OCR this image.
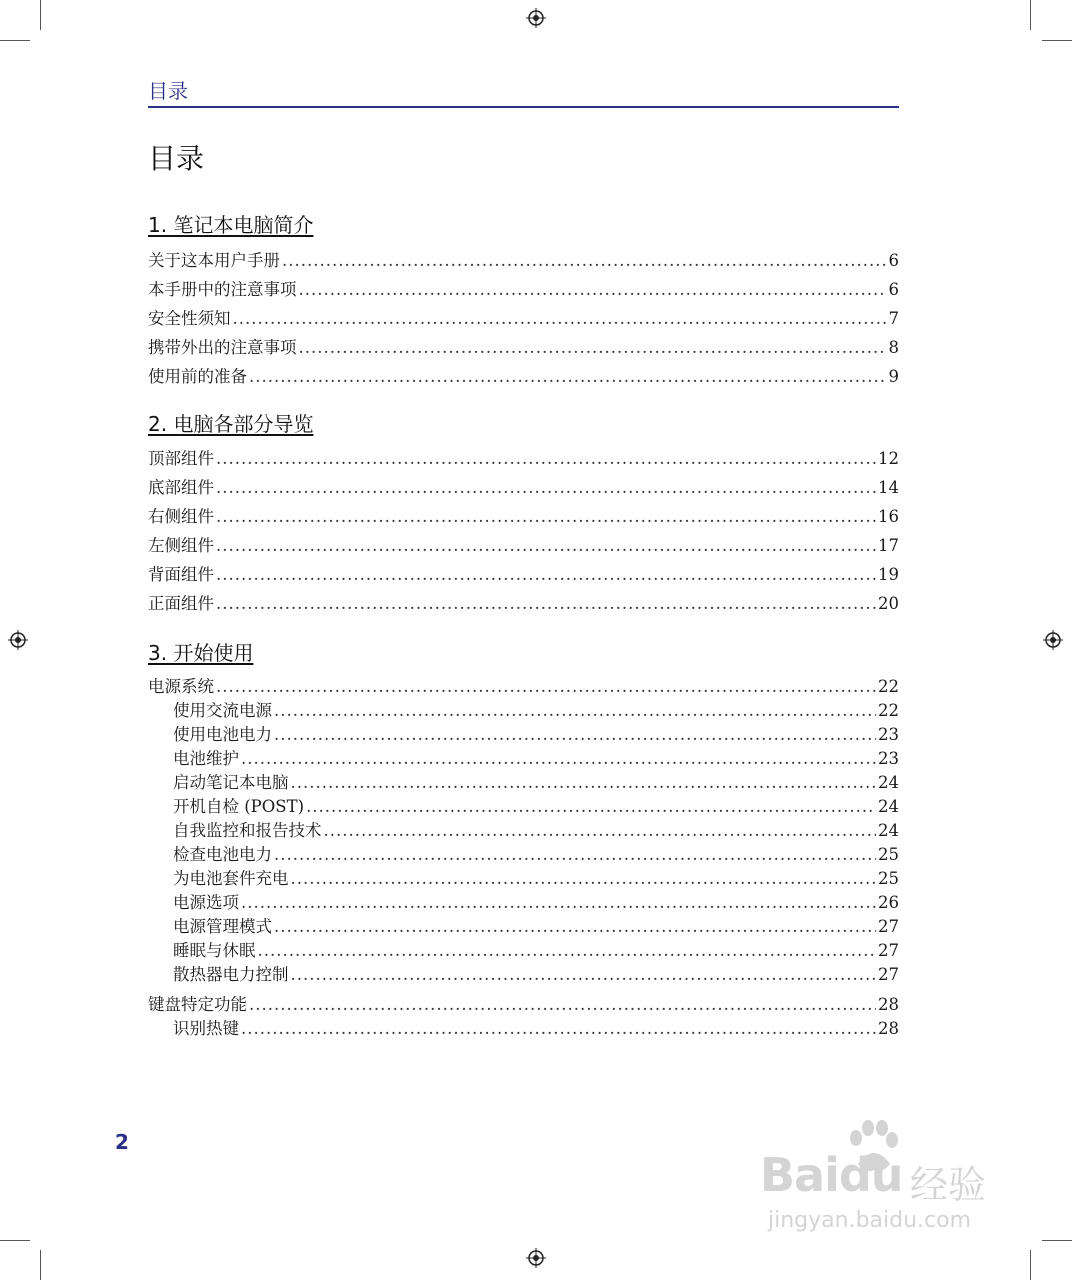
目录
目录
1. 笔记本电脑简介
关于这本用户手册 .....	6
本手册中的注意事项 .....	6
安全性须知 .....	7
携带外出的注意事项 .....	8
使用前的准备 .....	9
2. 电脑各部分导览
顶部组件 .....	12
底部组件 .....	14
右侧组件 .....	16
左侧组件 .....	17
背面组件 .....	19
正面组件 .....	20
3. 开始使用
电源系统 .....	22
使用交流电源 .....	22
使用电池电力 .....	23
电池维护 .....	23
启动笔记本电脑 .....	24
开机自检 (POST) .....	24
自我监控和报告技术 .....	24
检查电池电力 .....	25
为电池套件充电 .....	25
电源选项 .....	26
电源管理模式 .....	27
睡眠与休眠 .....	27
散热器电力控制 .....	27
键盘特定功能 .....	28
识别热键 .....	28
2
Baidu 经验
jingyan.baidu.com
